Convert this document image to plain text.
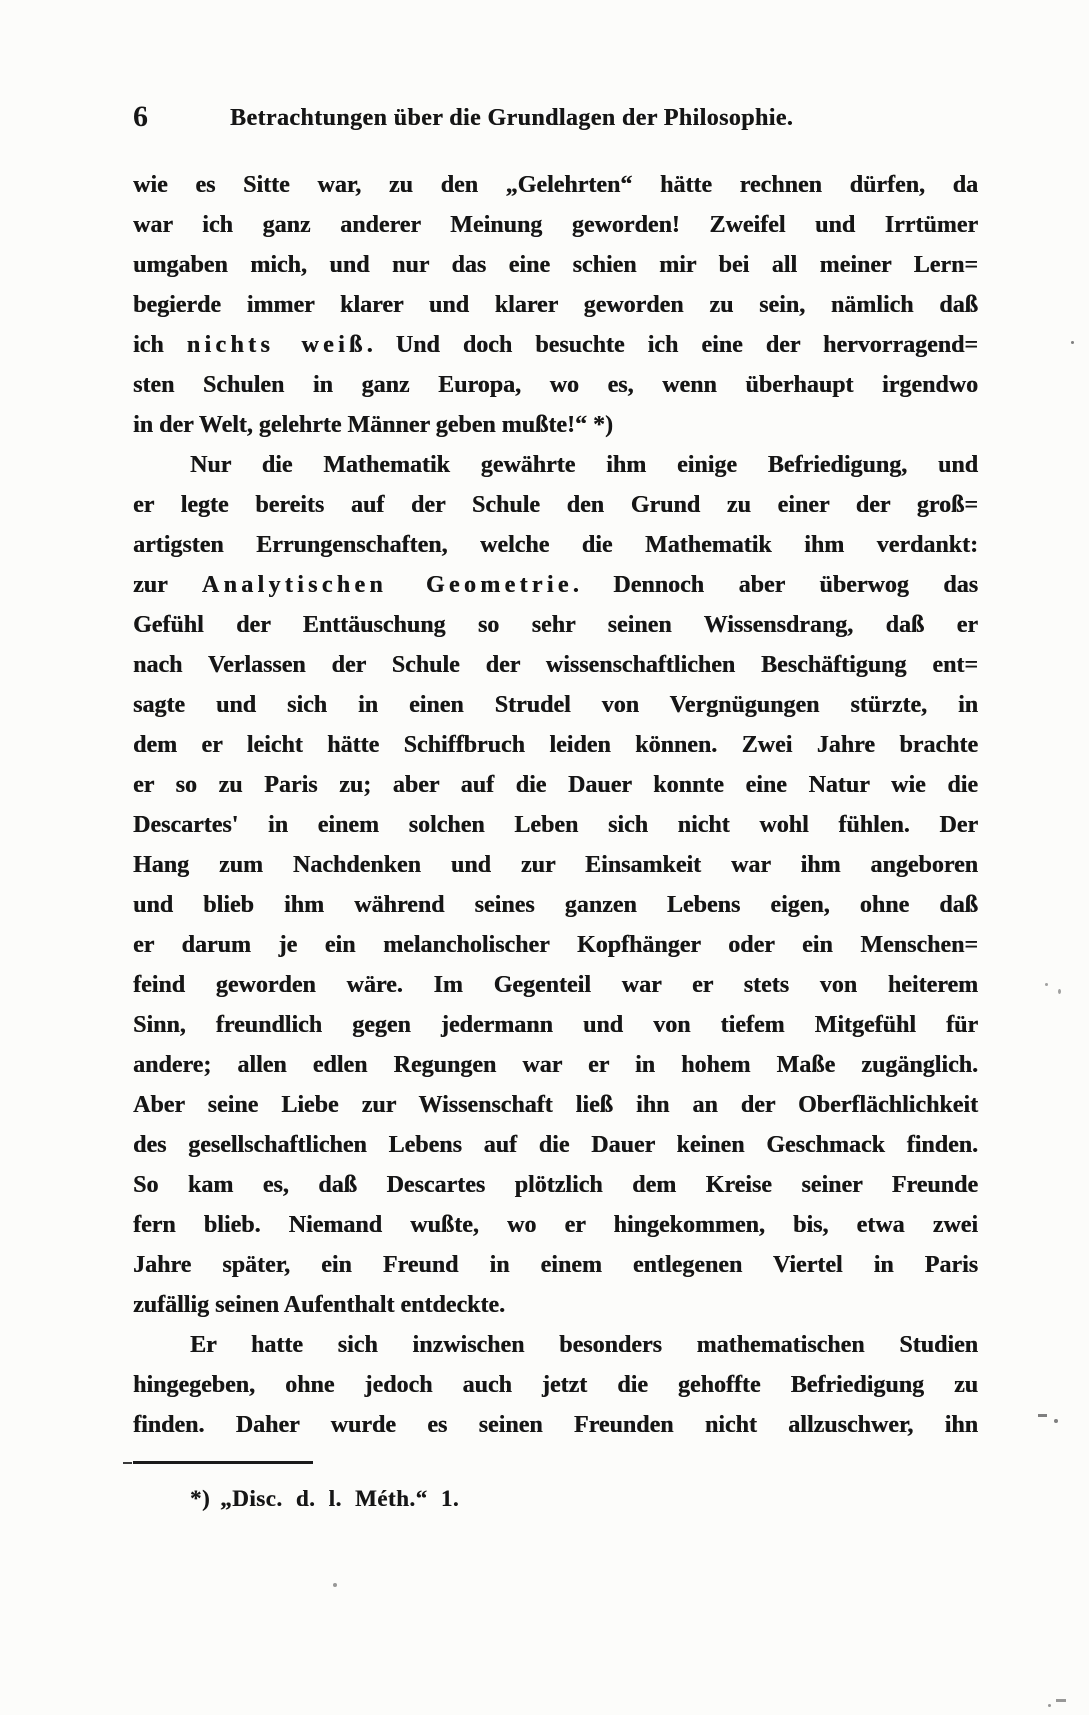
6	Betrachtungen über die Grundlagen der Philosophie.
wie es Sitte war, zu den „Gelehrten“ hätte rechnen dürfen, da
war ich ganz anderer Meinung geworden! Zweifel und Irrtümer
umgaben mich, und nur das eine schien mir bei all meiner Lern=
begierde immer klarer und klarer geworden zu sein, nämlich daß
ich nichts weiß. Und doch besuchte ich eine der hervorragend=
sten Schulen in ganz Europa, wo es, wenn überhaupt irgendwo
in der Welt, gelehrte Männer geben mußte!“ *)
Nur die Mathematik gewährte ihm einige Befriedigung, und
er legte bereits auf der Schule den Grund zu einer der groß=
artigsten Errungenschaften, welche die Mathematik ihm verdankt:
zur Analytischen Geometrie. Dennoch aber überwog das
Gefühl der Enttäuschung so sehr seinen Wissensdrang, daß er
nach Verlassen der Schule der wissenschaftlichen Beschäftigung ent=
sagte und sich in einen Strudel von Vergnügungen stürzte, in
dem er leicht hätte Schiffbruch leiden können. Zwei Jahre brachte
er so zu Paris zu; aber auf die Dauer konnte eine Natur wie die
Descartes' in einem solchen Leben sich nicht wohl fühlen. Der
Hang zum Nachdenken und zur Einsamkeit war ihm angeboren
und blieb ihm während seines ganzen Lebens eigen, ohne daß
er darum je ein melancholischer Kopfhänger oder ein Menschen=
feind geworden wäre. Im Gegenteil war er stets von heiterem
Sinn, freundlich gegen jedermann und von tiefem Mitgefühl für
andere; allen edlen Regungen war er in hohem Maße zugänglich.
Aber seine Liebe zur Wissenschaft ließ ihn an der Oberflächlichkeit
des gesellschaftlichen Lebens auf die Dauer keinen Geschmack finden.
So kam es, daß Descartes plötzlich dem Kreise seiner Freunde
fern blieb. Niemand wußte, wo er hingekommen, bis, etwa zwei
Jahre später, ein Freund in einem entlegenen Viertel in Paris
zufällig seinen Aufenthalt entdeckte.
Er hatte sich inzwischen besonders mathematischen Studien
hingegeben, ohne jedoch auch jetzt die gehoffte Befriedigung zu
finden. Daher wurde es seinen Freunden nicht allzuschwer, ihn
*) „Disc. d. l. Méth.“ 1.
